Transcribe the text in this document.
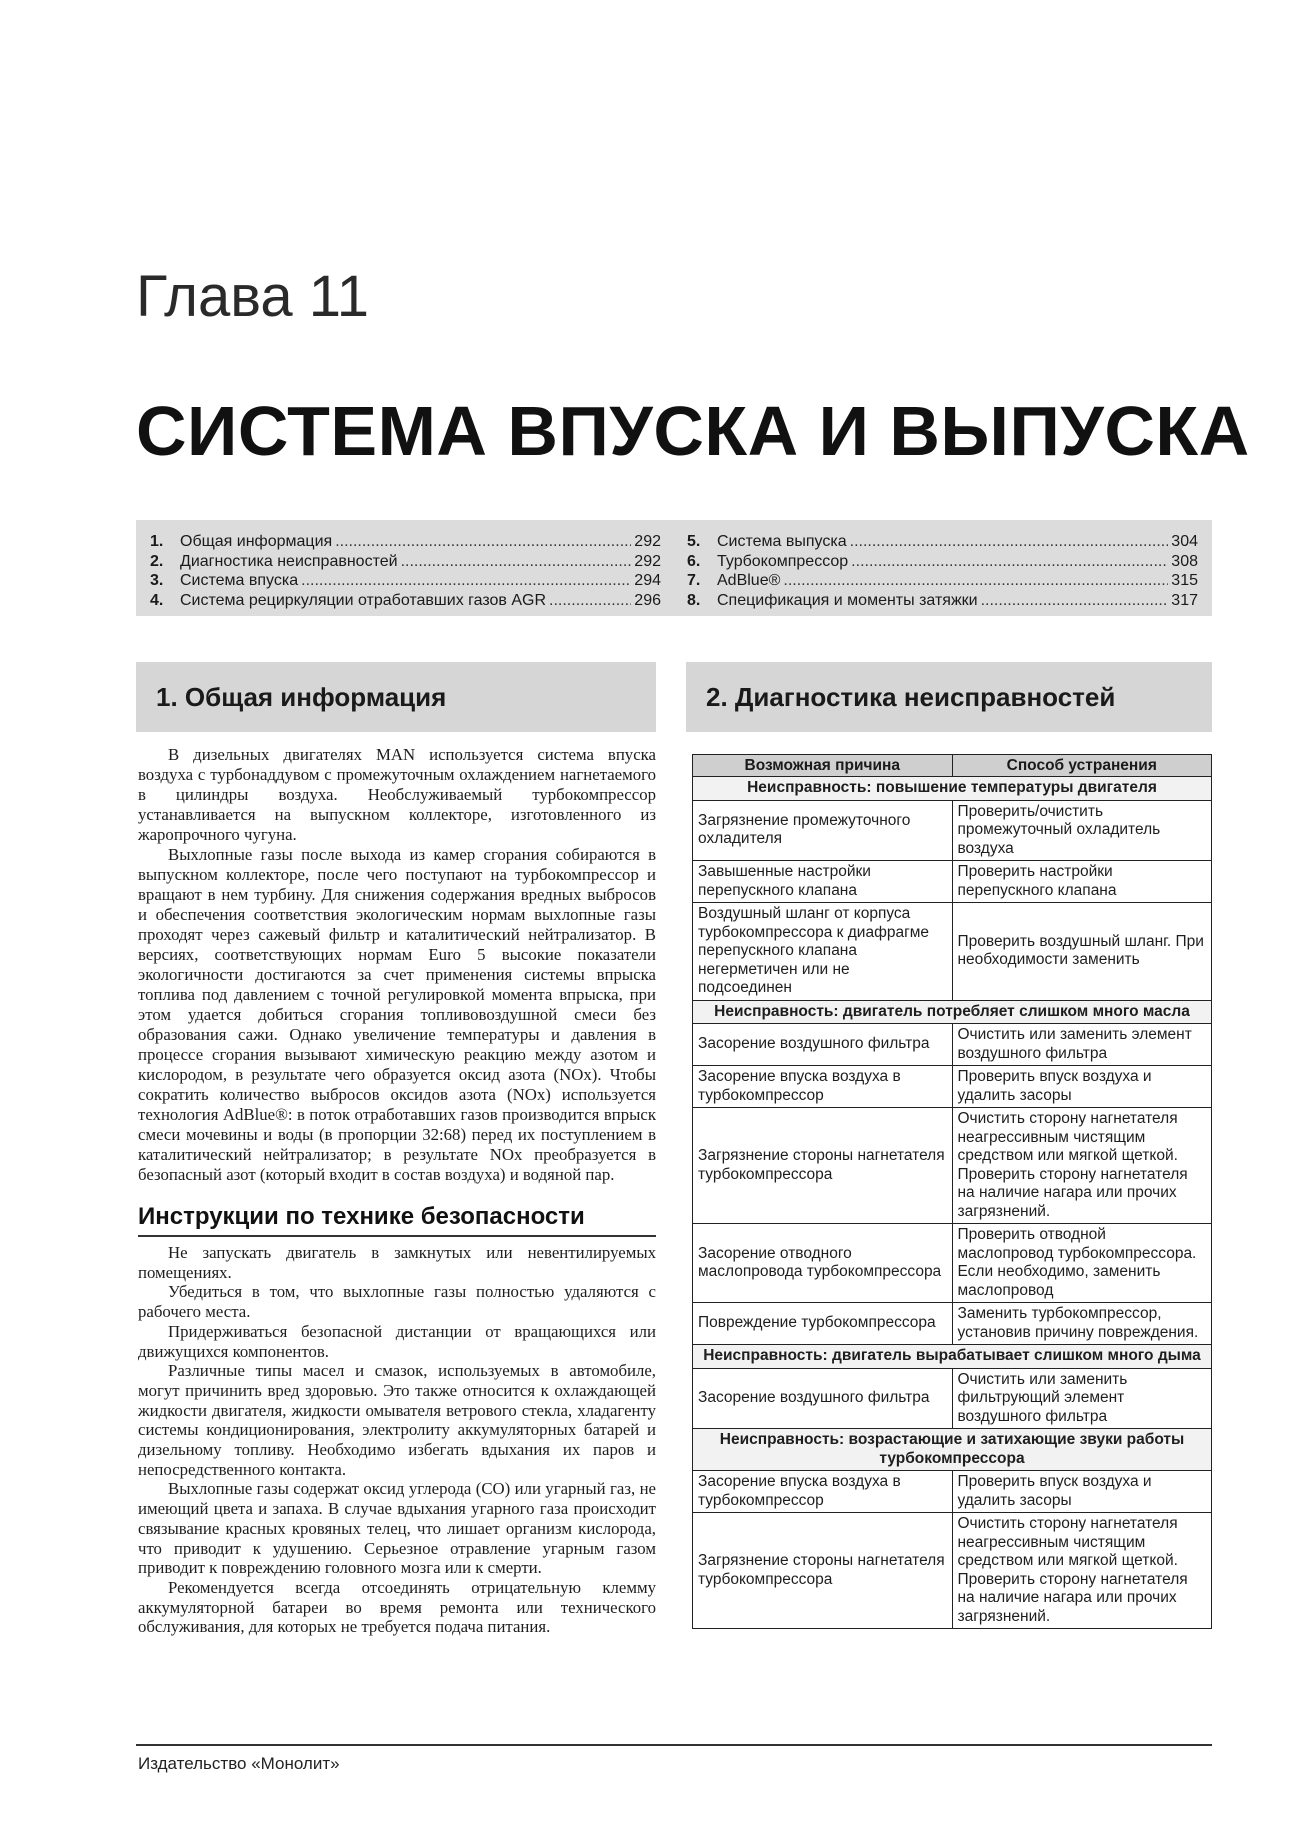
Глава 11
СИСТЕМА ВПУСКА И ВЫПУСКА
1.	Общая информация .....	292
2.	Диагностика неисправностей .....	292
3.	Система впуска .....	294
4.	Система рециркуляции отработавших газов AGR .....	296
5.	Система выпуска .....	304
6.	Турбокомпрессор .....	308
7.	AdBlue® .....	315
8.	Спецификация и моменты затяжки .....	317
1. Общая информация	2. Диагностика неисправностей

В дизельных двигателях MAN используется система впуска воздуха с турбонаддувом с промежуточным охлаждением нагнетаемого в цилиндры воздуха. Необслуживаемый турбокомпрессор устанавливается на выпускном коллекторе, изготовленного из жаропрочного чугуна.

Выхлопные газы после выхода из камер сгорания собираются в выпускном коллекторе, после чего поступают на турбокомпрессор и вращают в нем турбину. Для снижения содержания вредных выбросов и обеспечения соответствия экологическим нормам выхлопные газы проходят через сажевый фильтр и каталитический нейтрализатор. В версиях, соответствующих нормам Euro 5 высокие показатели экологичности достигаются за счет применения системы впрыска топлива под давлением с точной регулировкой момента впрыска, при этом удается добиться сгорания топливовоздушной смеси без образования сажи. Однако увеличение температуры и давления в процессе сгорания вызывают химическую реакцию между азотом и кислородом, в результате чего образуется оксид азота (NOx). Чтобы сократить количество выбросов оксидов азота (NOx) используется технология AdBlue®: в поток отработавших газов производится впрыск смеси мочевины и воды (в пропорции 32:68) перед их поступлением в каталитический нейтрализатор; в результате NOx преобразуется в безопасный азот (который входит в состав воздуха) и водяной пар.

Инструкции по технике безопасности

Не запускать двигатель в замкнутых или невентилируемых помещениях.

Убедиться в том, что выхлопные газы полностью удаляются с рабочего места.

Придерживаться безопасной дистанции от вращающихся или движущихся компонентов.

Различные типы масел и смазок, используемых в автомобиле, могут причинить вред здоровью. Это также относится к охлаждающей жидкости двигателя, жидкости омывателя ветрового стекла, хладагенту системы кондиционирования, электролиту аккумуляторных батарей и дизельному топливу. Необходимо избегать вдыхания их паров и непосредственного контакта.

Выхлопные газы содержат оксид углерода (CO) или угарный газ, не имеющий цвета и запаха. В случае вдыхания угарного газа происходит связывание красных кровяных телец, что лишает организм кислорода, что приводит к удушению. Серьезное отравление угарным газом приводит к повреждению головного мозга или к смерти.

Рекомендуется всегда отсоединять отрицательную клемму аккумуляторной батареи во время ремонта или технического обслуживания, для которых не требуется подача питания.

Возможная причина	Способ устранения
Неисправность: повышение температуры двигателя	
Загрязнение промежуточного охладителя	Проверить/очистить промежуточный охладитель воздуха
Завышенные настройки перепускного клапана	Проверить настройки перепускного клапана
Воздушный шланг от корпуса турбокомпрессора к диафрагме перепускного клапана негерметичен или не подсоединен	Проверить воздушный шланг. При необходимости заменить
Неисправность: двигатель потребляет слишком много масла	
Засорение воздушного фильтра	Очистить или заменить элемент воздушного фильтра
Засорение впуска воздуха в турбокомпрессор	Проверить впуск воздуха и удалить засоры
Загрязнение стороны нагнетателя турбокомпрессора	Очистить сторону нагнетателя неагрессивным чистящим средством или мягкой щеткой. Проверить сторону нагнетателя на наличие нагара или прочих загрязнений.
Засорение отводного маслопровода турбокомпрессора	Проверить отводной маслопровод турбокомпрессора. Если необходимо, заменить маслопровод
Повреждение турбокомпрессора	Заменить турбокомпрессор, установив причину повреждения.
Неисправность: двигатель вырабатывает слишком много дыма	
Засорение воздушного фильтра	Очистить или заменить фильтрующий элемент воздушного фильтра
Неисправность: возрастающие и затихающие звуки работы турбокомпрессора	
Засорение впуска воздуха в турбокомпрессор	Проверить впуск воздуха и удалить засоры
Загрязнение стороны нагнетателя турбокомпрессора	Очистить сторону нагнетателя неагрессивным чистящим средством или мягкой щеткой. Проверить сторону нагнетателя на наличие нагара или прочих загрязнений.
Издательство «Монолит»
